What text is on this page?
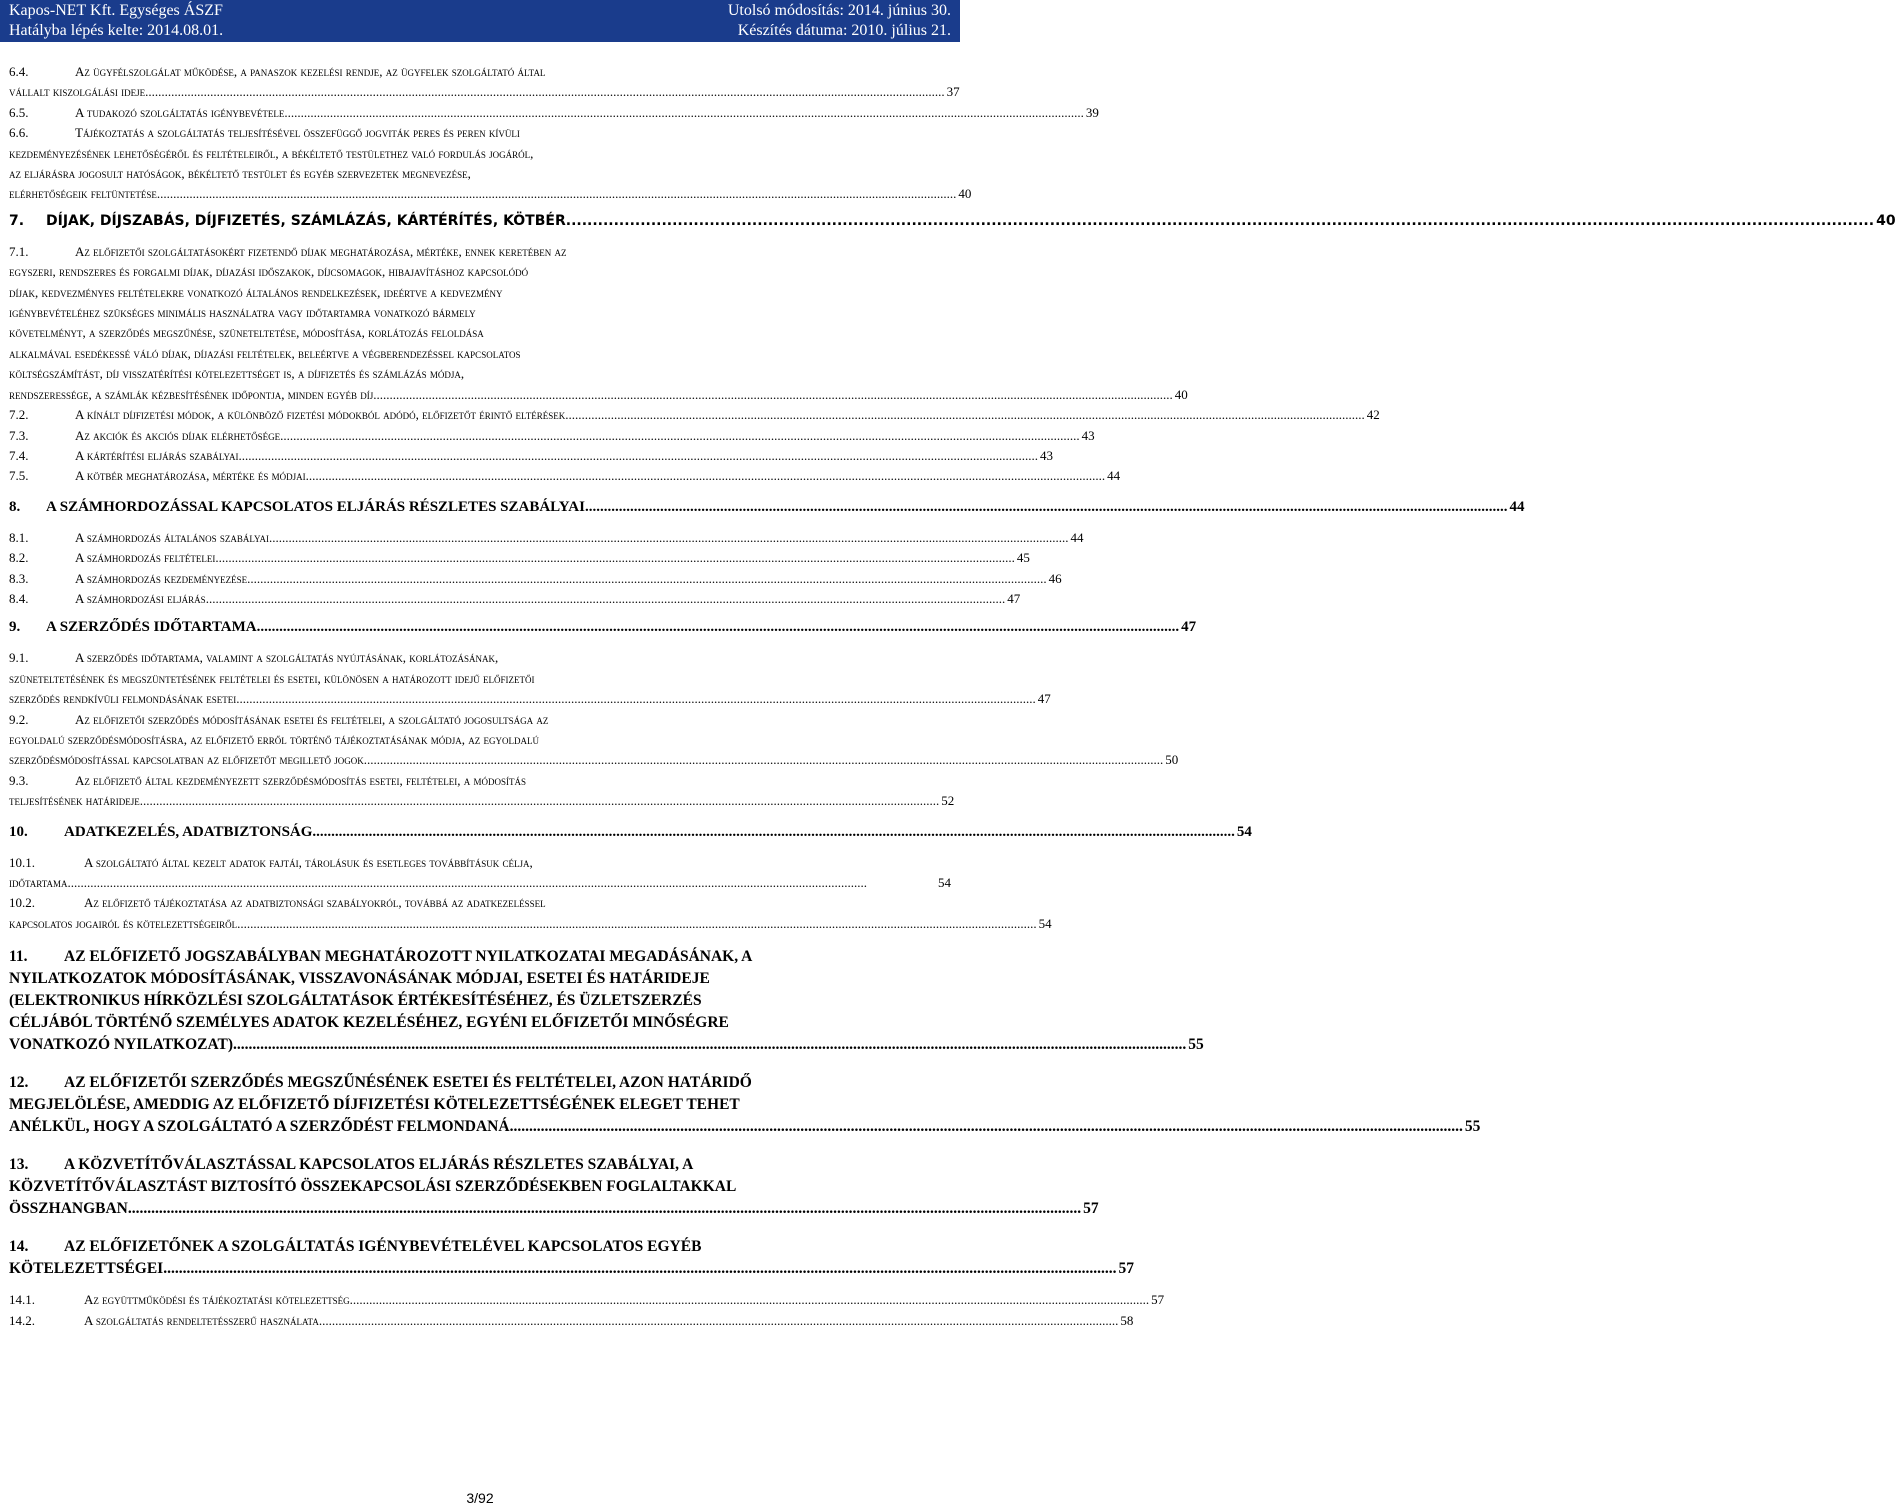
Kapos-NET Kft. Egységes ÁSZF
Hatályba lépés kelte: 2014.08.01.
Utolsó módosítás: 2014. június 30.
Készítés dátuma: 2010. július 21.
6.4.	Az ügyfélszolgálat működése, a panaszok kezelési rendje, az ügyfelek szolgáltató által
vállalt kiszolgálási ideje .....	37
6.5.	A tudakozó szolgáltatás igénybevétele .....	39
6.6.	Tájékoztatás a szolgáltatás teljesítésével összefüggő jogviták peres és peren kívüli
kezdeményezésének lehetőségéről és feltételeiről, a békéltető testülethez való fordulás jogáról,
az eljárásra jogosult hatóságok, békéltető testület és egyéb szervezetek megnevezése,
elérhetőségeik feltüntetése .....	40
7. DÍJAK, DÍJSZABÁS, DÍJFIZETÉS, SZÁMLÁZÁS, KÁRTÉRÍTÉS, KÖTBÉR .....	40
7.1.	Az előfizetői szolgáltatásokért fizetendő díjak meghatározása, mértéke, ennek keretében az
egyszeri, rendszeres és forgalmi díjak, díjazási időszakok, díjcsomagok, hibajavításhoz kapcsolódó
díjak, kedvezményes feltételekre vonatkozó általános rendelkezések, ideértve a kedvezmény
igénybevételéhez szükséges minimális használatra vagy időtartamra vonatkozó bármely
követelményt, a szerződés megszűnése, szüneteltetése, módosítása, korlátozás feloldása
alkalmával esedékessé váló díjak, díjazási feltételek, beleértve a végberendezéssel kapcsolatos
költségszámítást, díj visszatérítési kötelezettséget is, a díjfizetés és számlázás módja,
rendszeressége, a számlák kézbesítésének időpontja, minden egyéb díj .....	40
7.2.	A kínált díjfizetési módok, a különböző fizetési módokból adódó, előfizetőt érintő eltérések .....	42
7.3.	Az akciók és akciós díjak elérhetősége .....	43
7.4.	A kártérítési eljárás szabályai .....	43
7.5.	A kötbér meghatározása, mértéke és módjai .....	44
8. A SZÁMHORDOZÁSSAL KAPCSOLATOS ELJÁRÁS RÉSZLETES SZABÁLYAI .....	44
8.1.	A számhordozás általános szabályai .....	44
8.2.	A számhordozás feltételei .....	45
8.3.	A számhordozás kezdeményezése .....	46
8.4.	A számhordozási eljárás .....	47
9. A SZERZŐDÉS IDŐTARTAMA .....	47
9.1.	A szerződés időtartama, valamint a szolgáltatás nyújtásának, korlátozásának,
szüneteltetésének és megszüntetésének feltételei és esetei, különösen a határozott idejű előfizetői
szerződés rendkívüli felmondásának esetei .....	47
9.2.	Az előfizetői szerződés módosításának esetei és feltételei, a szolgáltató jogosultsága az
egyoldalú szerződésmódosításra, az előfizető erről történő tájékoztatásának módja, az egyoldalú
szerződésmódosítással kapcsolatban az előfizetőt megillető jogok .....	50
9.3.	Az előfizető által kezdeményezett szerződésmódosítás esetei, feltételei, a módosítás
teljesítésének határideje .....	52
10. ADATKEZELÉS, ADATBIZTONSÁG .....	54
10.1.	A szolgáltató által kezelt adatok fajtái, tárolásuk és esetleges továbbításuk célja,
időtartama .....	54
10.2.	Az előfizető tájékoztatása az adatbiztonsági szabályokról, továbbá az adatkezeléssel
kapcsolatos jogairól és kötelezettségeiről .....	54
11. AZ ELŐFIZETŐ JOGSZABÁLYBAN MEGHATÁROZOTT NYILATKOZATAI MEGADÁSÁNAK, A
NYILATKOZATOK MÓDOSÍTÁSÁNAK, VISSZAVONÁSÁNAK MÓDJAI, ESETEI ÉS HATÁRIDEJE
(ELEKTRONIKUS HÍRKÖZLÉSI SZOLGÁLTATÁSOK ÉRTÉKESÍTÉSÉHEZ, ÉS ÜZLETSZERZÉS
CÉLJÁBÓL TÖRTÉNŐ SZEMÉLYES ADATOK KEZELÉSÉHEZ, EGYÉNI ELŐFIZETŐI MINŐSÉGRE
VONATKOZÓ NYILATKOZAT) .....	55
12. AZ ELŐFIZETŐI SZERZŐDÉS MEGSZŰNÉSÉNEK ESETEI ÉS FELTÉTELEI, AZON HATÁRIDŐ
MEGJELÖLÉSE, AMEDDIG AZ ELŐFIZETŐ DÍJFIZETÉSI KÖTELEZETTSÉGÉNEK ELEGET TEHET
ANÉLKÜL, HOGY A SZOLGÁLTATÓ A SZERZŐDÉST FELMONDANÁ .....	55
13. A KÖZVETÍTŐVÁLASZTÁSSAL KAPCSOLATOS ELJÁRÁS RÉSZLETES SZABÁLYAI, A
KÖZVETÍTŐVÁLASZTÁST BIZTOSÍTÓ ÖSSZEKAPCSOLÁSI SZERZŐDÉSEKBEN FOGLALTAKKAL
ÖSSZHANGBAN .....	57
14. AZ ELŐFIZETŐNEK A SZOLGÁLTATÁS IGÉNYBEVÉTELÉVEL KAPCSOLATOS EGYÉB
KÖTELEZETTSÉGEI .....	57
14.1.	Az együttműködési és tájékoztatási kötelezettség .....	57
14.2.	A szolgáltatás rendeltetésszerű használata .....	58
3/92
